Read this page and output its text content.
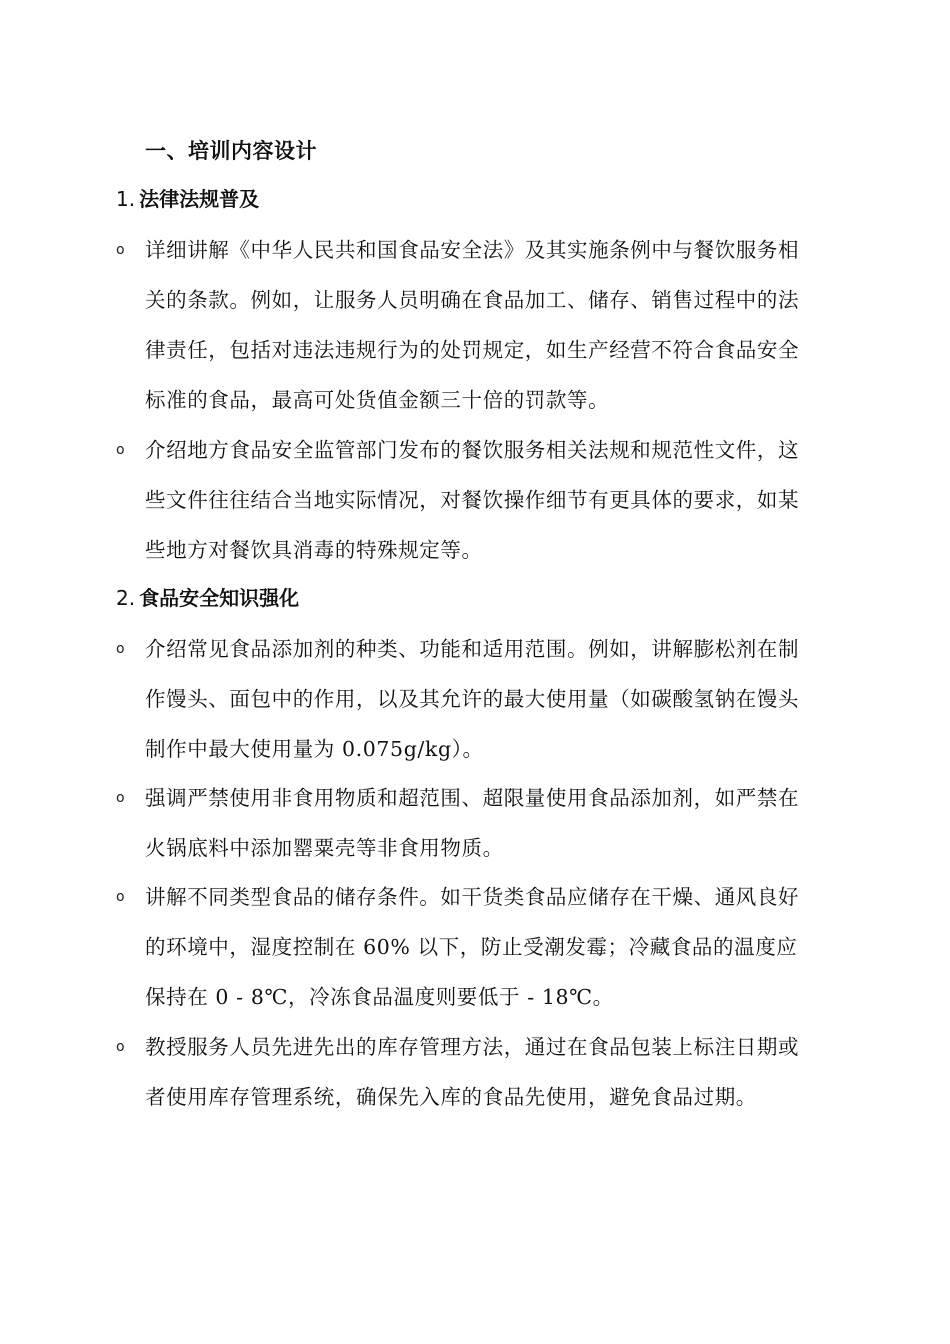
一、培训内容设计
1. 法律法规普及
o 详细讲解《中华人民共和国食品安全法》及其实施条例中与餐饮服务相关的条款。例如，让服务人员明确在食品加工、储存、销售过程中的法律责任，包括对违法违规行为的处罚规定，如生产经营不符合食品安全标准的食品，最高可处货值金额三十倍的罚款等。
o 介绍地方食品安全监管部门发布的餐饮服务相关法规和规范性文件，这些文件往往结合当地实际情况，对餐饮操作细节有更具体的要求，如某些地方对餐饮具消毒的特殊规定等。
2. 食品安全知识强化
o 介绍常见食品添加剂的种类、功能和适用范围。例如，讲解膨松剂在制作馒头、面包中的作用，以及其允许的最大使用量（如碳酸氢钠在馒头制作中最大使用量为 0.075g/kg）。
o 强调严禁使用非食用物质和超范围、超限量使用食品添加剂，如严禁在火锅底料中添加罂粟壳等非食用物质。
o 讲解不同类型食品的储存条件。如干货类食品应储存在干燥、通风良好的环境中，湿度控制在 60% 以下，防止受潮发霉；冷藏食品的温度应保持在 0 - 8℃，冷冻食品温度则要低于 - 18℃。
o 教授服务人员先进先出的库存管理方法，通过在食品包装上标注日期或者使用库存管理系统，确保先入库的食品先使用，避免食品过期。
